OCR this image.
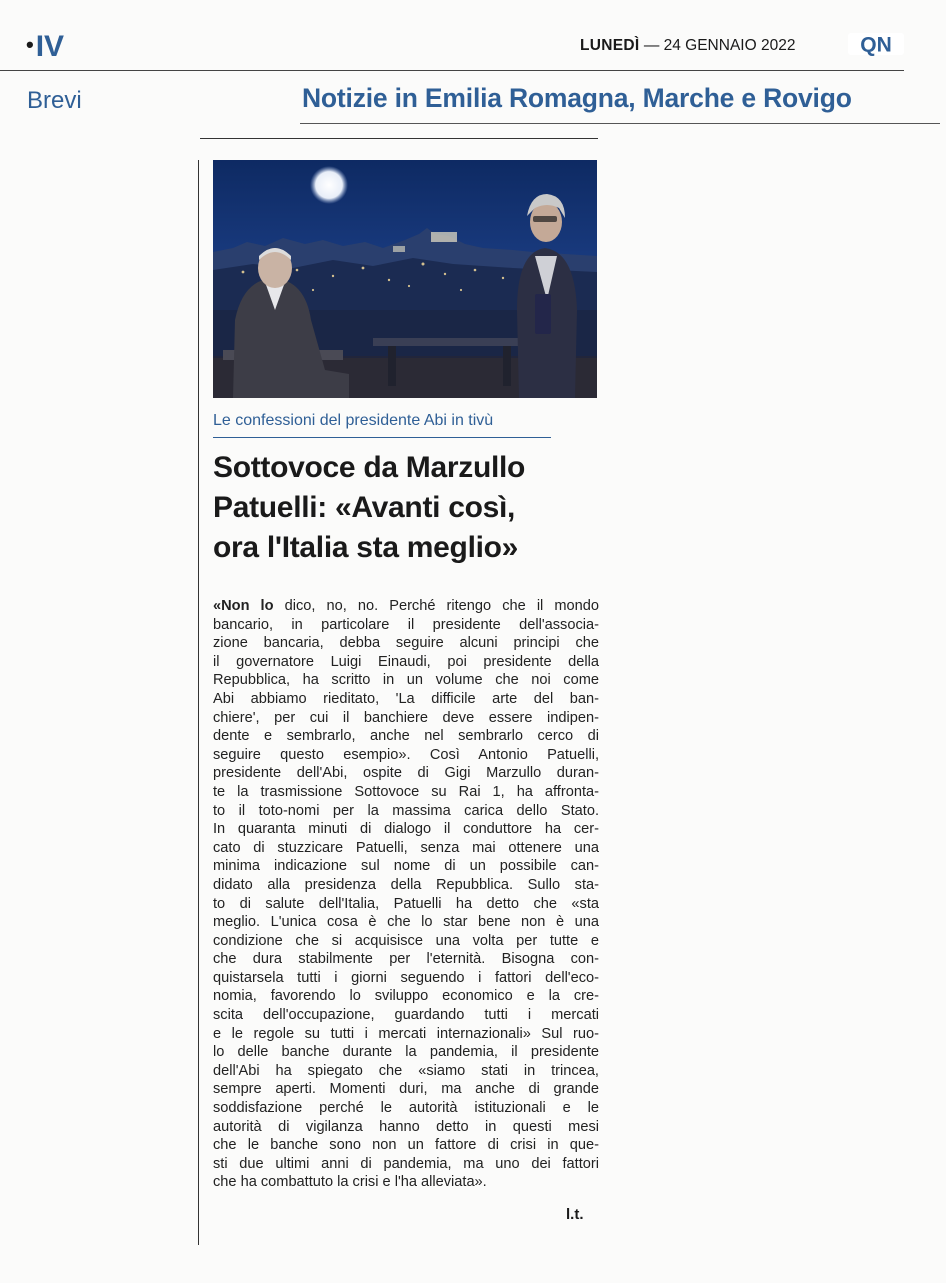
•IV	LUNEDÌ — 24 GENNAIO 2022	QN
Brevi	Notizie in Emilia Romagna, Marche e Rovigo
Le confessioni del presidente Abi in tivù
Sottovoce da Marzullo
Patuelli: «Avanti così,
ora l'Italia sta meglio»
«Non lo dico, no, no. Perché ritengo che il mondo
bancario, in particolare il presidente dell'associa-
zione bancaria, debba seguire alcuni principi che
il governatore Luigi Einaudi, poi presidente della
Repubblica, ha scritto in un volume che noi come
Abi abbiamo rieditato, 'La difficile arte del ban-
chiere', per cui il banchiere deve essere indipen-
dente e sembrarlo, anche nel sembrarlo cerco di
seguire questo esempio». Così Antonio Patuelli,
presidente dell'Abi, ospite di Gigi Marzullo duran-
te la trasmissione Sottovoce su Rai 1, ha affronta-
to il toto-nomi per la massima carica dello Stato.
In quaranta minuti di dialogo il conduttore ha cer-
cato di stuzzicare Patuelli, senza mai ottenere una
minima indicazione sul nome di un possibile can-
didato alla presidenza della Repubblica. Sullo sta-
to di salute dell'Italia, Patuelli ha detto che «sta
meglio. L'unica cosa è che lo star bene non è una
condizione che si acquisisce una volta per tutte e
che dura stabilmente per l'eternità. Bisogna con-
quistarsela tutti i giorni seguendo i fattori dell'eco-
nomia, favorendo lo sviluppo economico e la cre-
scita dell'occupazione, guardando tutti i mercati
e le regole su tutti i mercati internazionali» Sul ruo-
lo delle banche durante la pandemia, il presidente
dell'Abi ha spiegato che «siamo stati in trincea,
sempre aperti. Momenti duri, ma anche di grande
soddisfazione perché le autorità istituzionali e le
autorità di vigilanza hanno detto in questi mesi
che le banche sono non un fattore di crisi in que-
sti due ultimi anni di pandemia, ma uno dei fattori
che ha combattuto la crisi e l'ha alleviata».
l.t.
